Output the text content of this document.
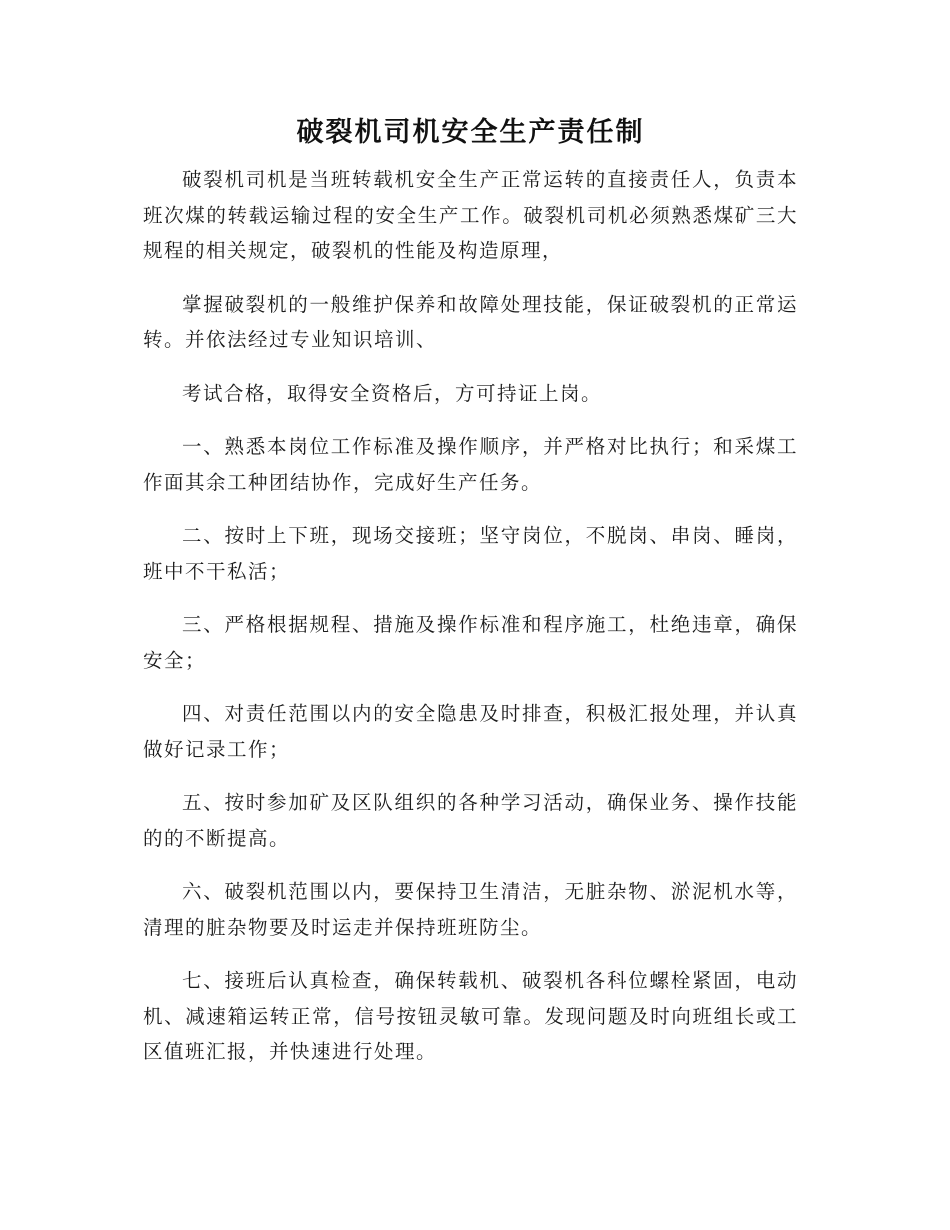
破裂机司机安全生产责任制

破裂机司机是当班转载机安全生产正常运转的直接责任人，负责本班次煤的转载运输过程的安全生产工作。破裂机司机必须熟悉煤矿三大规程的相关规定，破裂机的性能及构造原理，

掌握破裂机的一般维护保养和故障处理技能，保证破裂机的正常运转。并依法经过专业知识培训、

考试合格，取得安全资格后，方可持证上岗。

一、熟悉本岗位工作标准及操作顺序，并严格对比执行；和采煤工作面其余工种团结协作，完成好生产任务。

二、按时上下班，现场交接班；坚守岗位，不脱岗、串岗、睡岗，班中不干私活；

三、严格根据规程、措施及操作标准和程序施工，杜绝违章，确保安全；

四、对责任范围以内的安全隐患及时排查，积极汇报处理，并认真做好记录工作；

五、按时参加矿及区队组织的各种学习活动，确保业务、操作技能的的不断提高。

六、破裂机范围以内，要保持卫生清洁，无脏杂物、淤泥机水等，清理的脏杂物要及时运走并保持班班防尘。

七、接班后认真检查，确保转载机、破裂机各科位螺栓紧固，电动机、减速箱运转正常，信号按钮灵敏可靠。发现问题及时向班组长或工区值班汇报，并快速进行处理。
